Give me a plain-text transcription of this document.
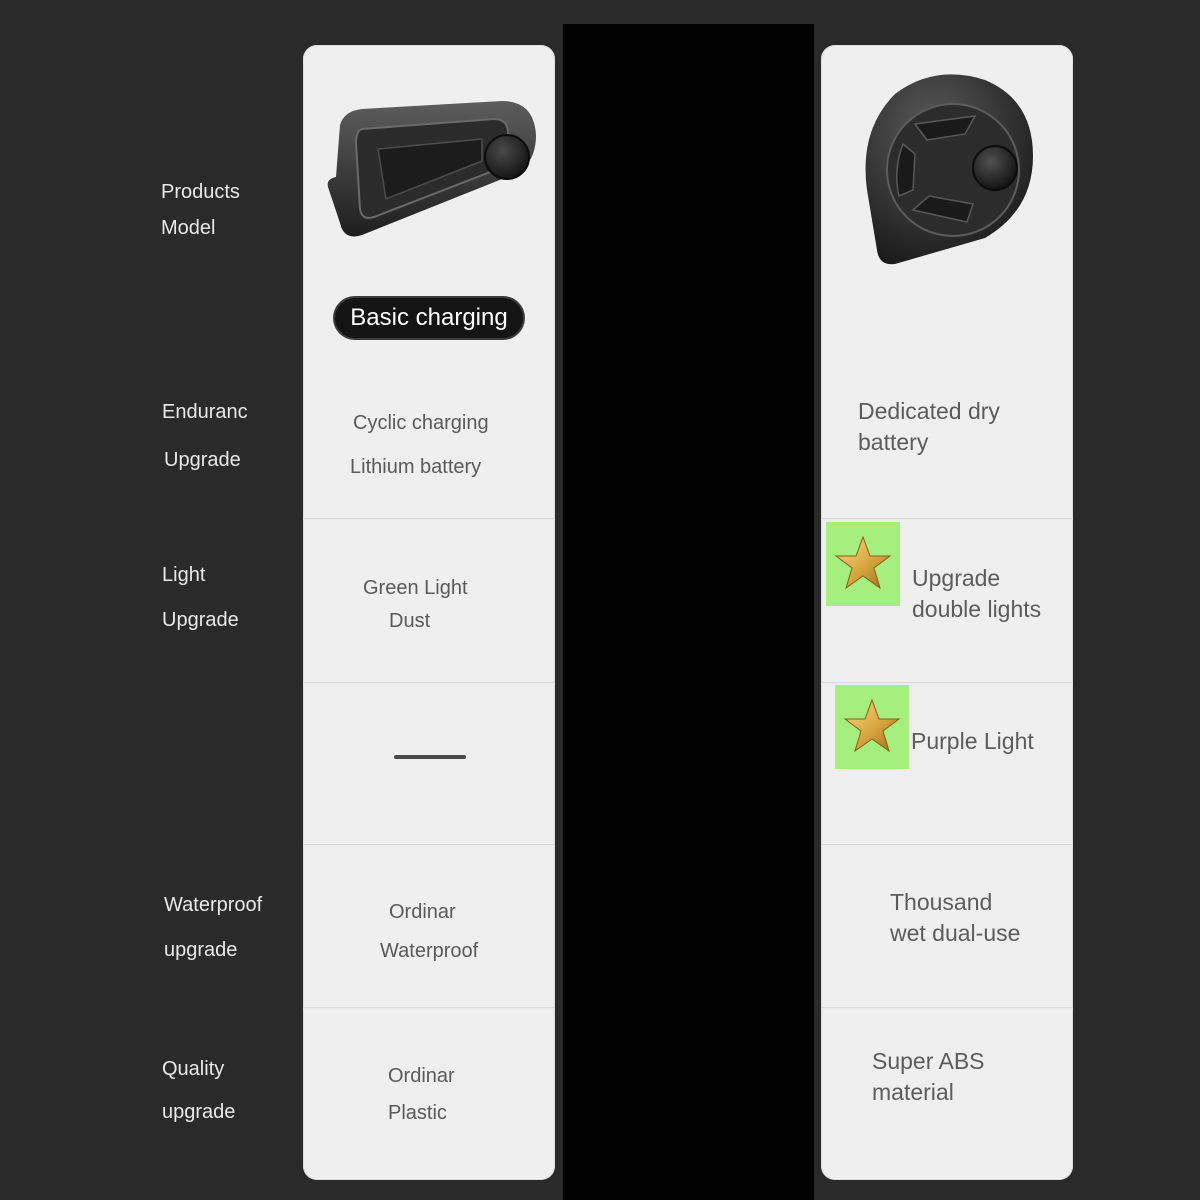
Products
Model
Enduranc
Upgrade
Light
Upgrade
Waterproof
upgrade
Quality
upgrade
Basic charging
Cyclic charging
Lithium battery
Green Light
Dust
Ordinar
Waterproof
Ordinar
Plastic
Dedicated dry
battery
Upgrade
double lights
Purple Light
Thousand
wet dual-use
Super ABS
material
